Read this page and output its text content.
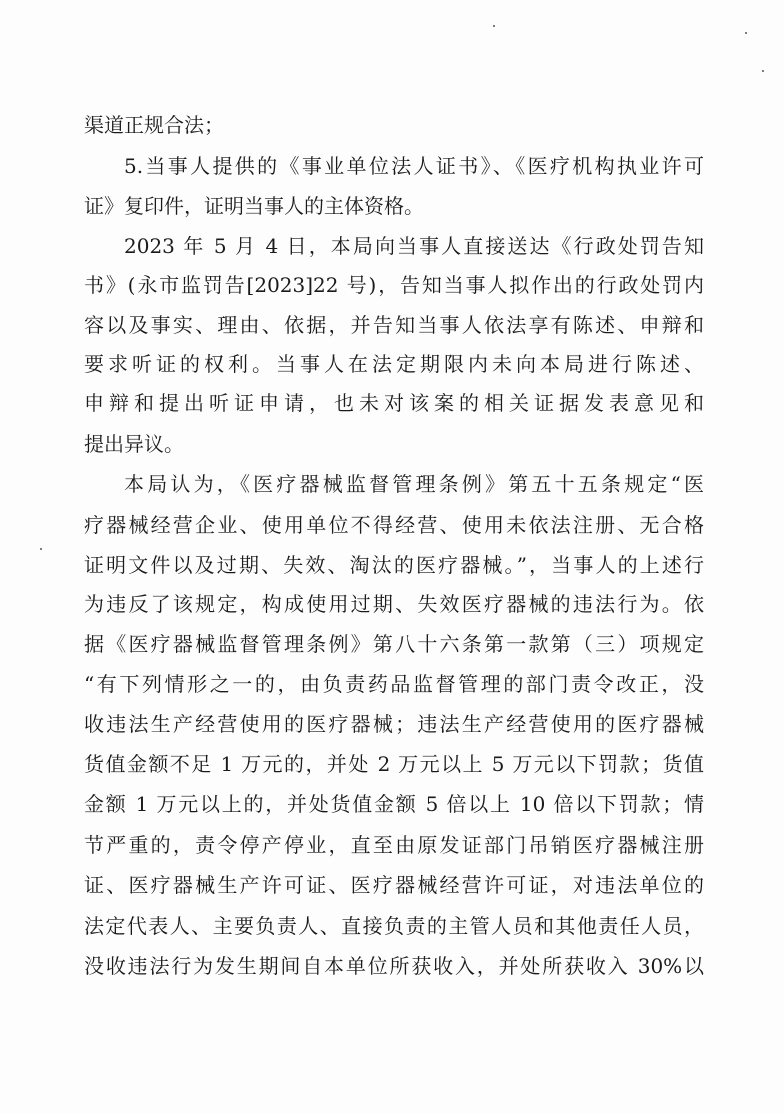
渠道正规合法；
5.当事人提供的《事业单位法人证书》、《医疗机构执业许可
证》复印件，证明当事人的主体资格。
2023 年 5 月 4 日，本局向当事人直接送达《行政处罚告知
书》(永市监罚告[2023]22 号)，告知当事人拟作出的行政处罚内
容以及事实、理由、依据，并告知当事人依法享有陈述、申辩和
要求听证的权利。当事人在法定期限内未向本局进行陈述、
申辩和提出听证申请，也未对该案的相关证据发表意见和
提出异议。
本局认为，《医疗器械监督管理条例》第五十五条规定“医
疗器械经营企业、使用单位不得经营、使用未依法注册、无合格
证明文件以及过期、失效、淘汰的医疗器械。”，当事人的上述行
为违反了该规定，构成使用过期、失效医疗器械的违法行为。依
据《医疗器械监督管理条例》第八十六条第一款第（三）项规定
“有下列情形之一的，由负责药品监督管理的部门责令改正，没
收违法生产经营使用的医疗器械；违法生产经营使用的医疗器械
货值金额不足 1 万元的，并处 2 万元以上 5 万元以下罚款；货值
金额 1 万元以上的，并处货值金额 5 倍以上 10 倍以下罚款；情
节严重的，责令停产停业，直至由原发证部门吊销医疗器械注册
证、医疗器械生产许可证、医疗器械经营许可证，对违法单位的
法定代表人、主要负责人、直接负责的主管人员和其他责任人员，
没收违法行为发生期间自本单位所获收入，并处所获收入 30%以
